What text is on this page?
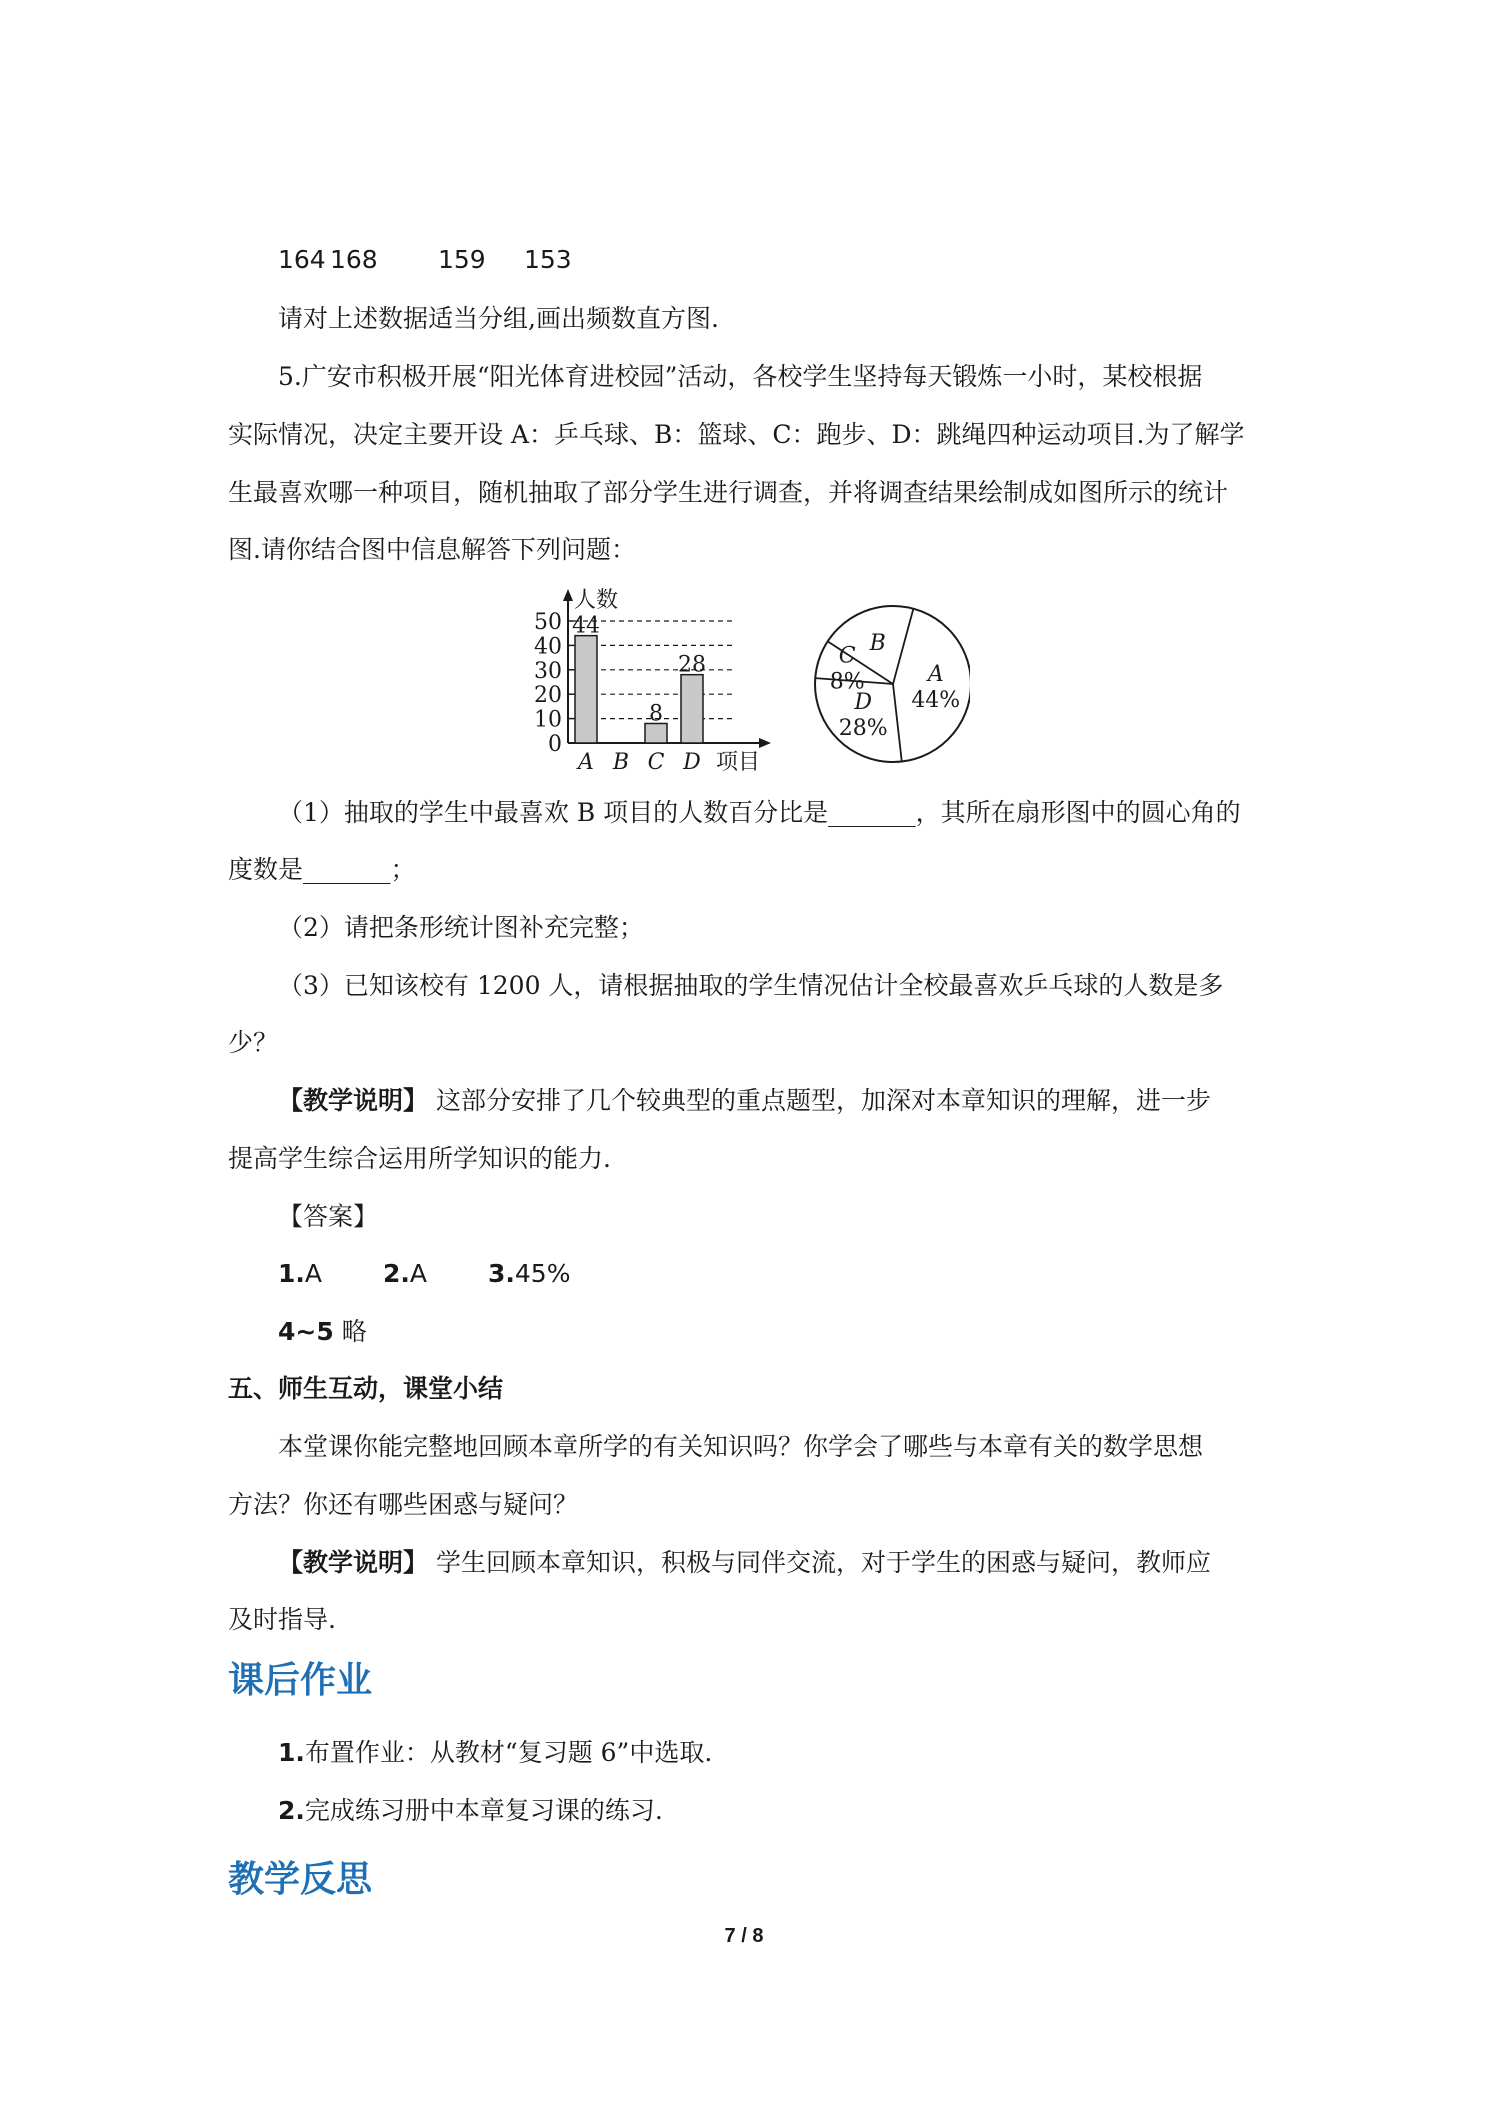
164 168 159 153
请对上述数据适当分组,画出频数直方图.
5.广安市积极开展“阳光体育进校园”活动，各校学生坚持每天锻炼一小时，某校根据
实际情况，决定主要开设 A：乒乓球、B：篮球、C：跑步、D：跳绳四种运动项目.为了解学
生最喜欢哪一种项目，随机抽取了部分学生进行调查，并将调查结果绘制成如图所示的统计
图.请你结合图中信息解答下列问题：
人数
0
10
20
30
40
50 44
A B
8
C
28
D 项目
A
44%
B
C
8%
D
28%
（1）抽取的学生中最喜欢 B 项目的人数百分比是_______，其所在扇形图中的圆心角的
度数是_______；
（2）请把条形统计图补充完整；
（3）已知该校有 1200 人，请根据抽取的学生情况估计全校最喜欢乒乓球的人数是多
少？
【教学说明】 这部分安排了几个较典型的重点题型，加深对本章知识的理解，进一步
提高学生综合运用所学知识的能力.
【答案】
1.A 2.A 3.45%
4~5 略
五、师生互动，课堂小结
本堂课你能完整地回顾本章所学的有关知识吗？你学会了哪些与本章有关的数学思想
方法？你还有哪些困惑与疑问？
【教学说明】 学生回顾本章知识，积极与同伴交流，对于学生的困惑与疑问，教师应
及时指导.
课后作业
1.布置作业：从教材“复习题 6”中选取.
2.完成练习册中本章复习课的练习.
教学反思
7 / 8
